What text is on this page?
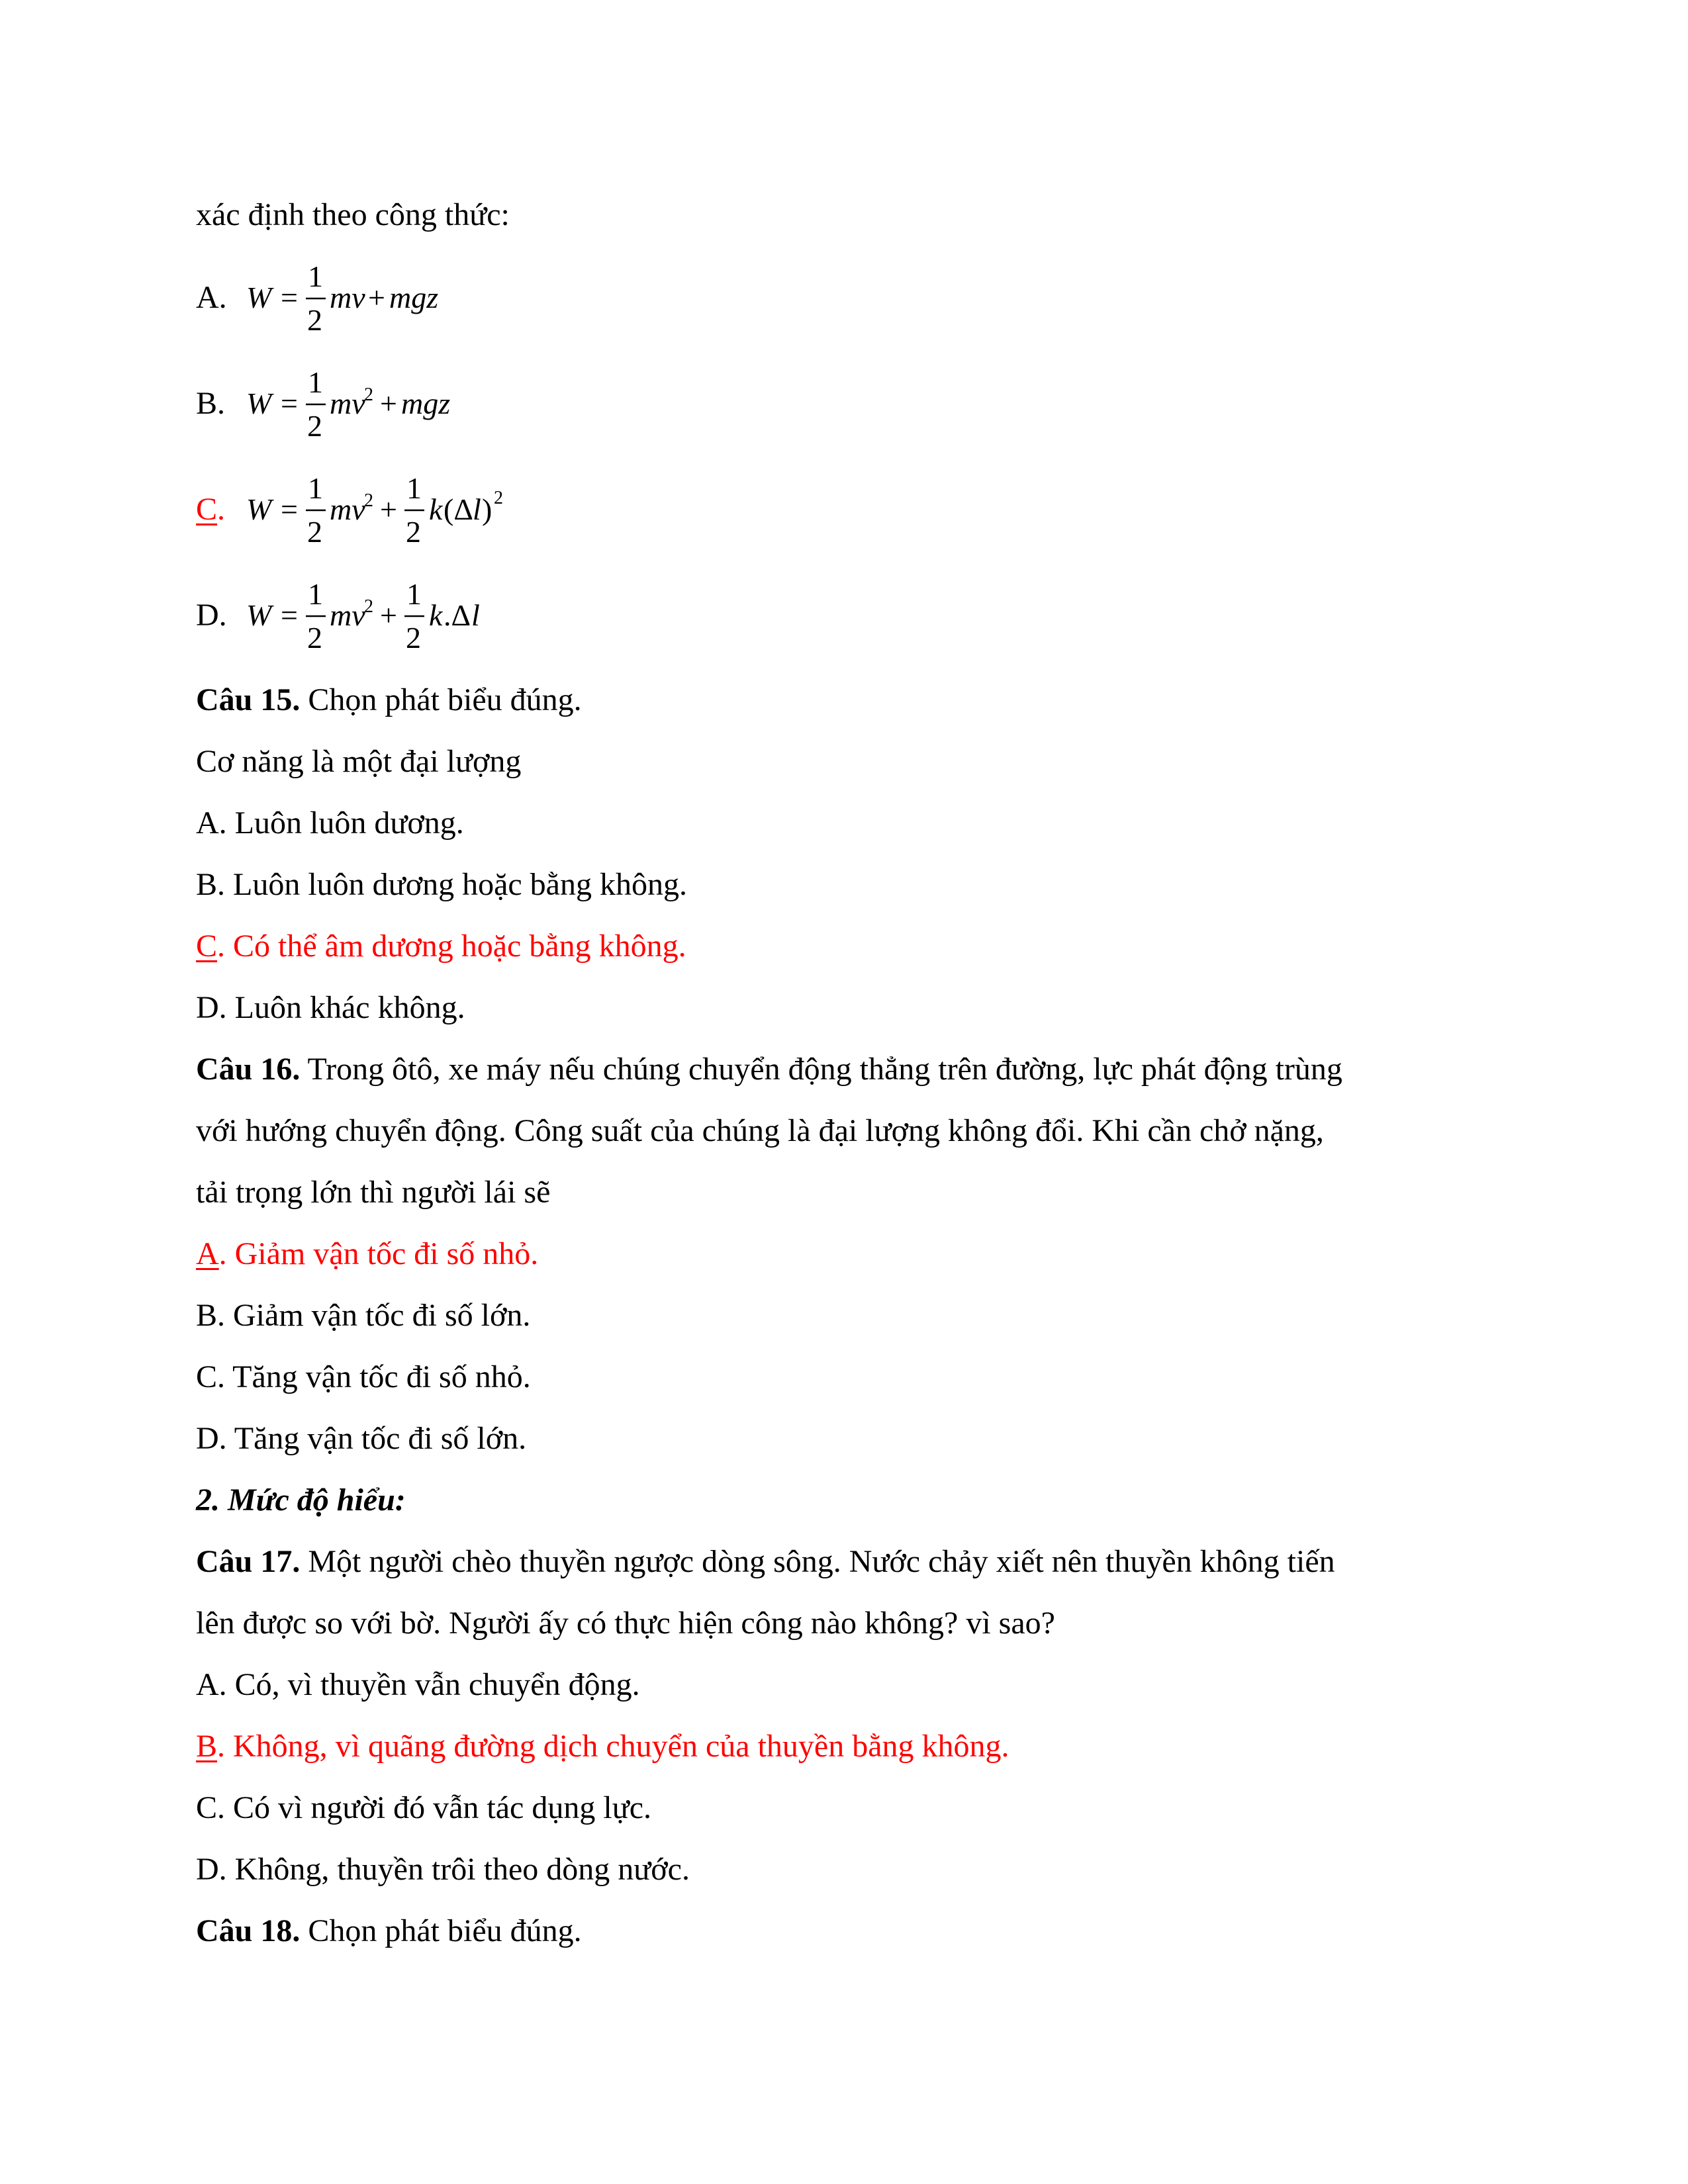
xác định theo công thức:
A. W =
1
2
mv + mgz
B. W =
1
2
mv
2 + mgz
C. W =
1
2
mv
2 +
1
2
k (Δ l ) 2
D. W =
1
2
mv
2 +
1
2
k .Δ l
Câu 15. Chọn phát biểu đúng.
Cơ năng là một đại lượng
A. Luôn luôn dương.
B. Luôn luôn dương hoặc bằng không.
C. Có thể âm dương hoặc bằng không.
D. Luôn khác không.
Câu 16. Trong ôtô, xe máy nếu chúng chuyển động thẳng trên đường, lực phát động trùng
với hướng chuyển động. Công suất của chúng là đại lượng không đổi. Khi cần chở nặng,
tải trọng lớn thì người lái sẽ
A. Giảm vận tốc đi số nhỏ.
B. Giảm vận tốc đi số lớn.
C. Tăng vận tốc đi số nhỏ.
D. Tăng vận tốc đi số lớn.
2. Mức độ hiểu:
Câu 17. Một người chèo thuyền ngược dòng sông. Nước chảy xiết nên thuyền không tiến
lên được so với bờ. Người ấy có thực hiện công nào không? vì sao?
A. Có, vì thuyền vẫn chuyển động.
B. Không, vì quãng đường dịch chuyển của thuyền bằng không.
C. Có vì người đó vẫn tác dụng lực.
D. Không, thuyền trôi theo dòng nước.
Câu 18. Chọn phát biểu đúng.
